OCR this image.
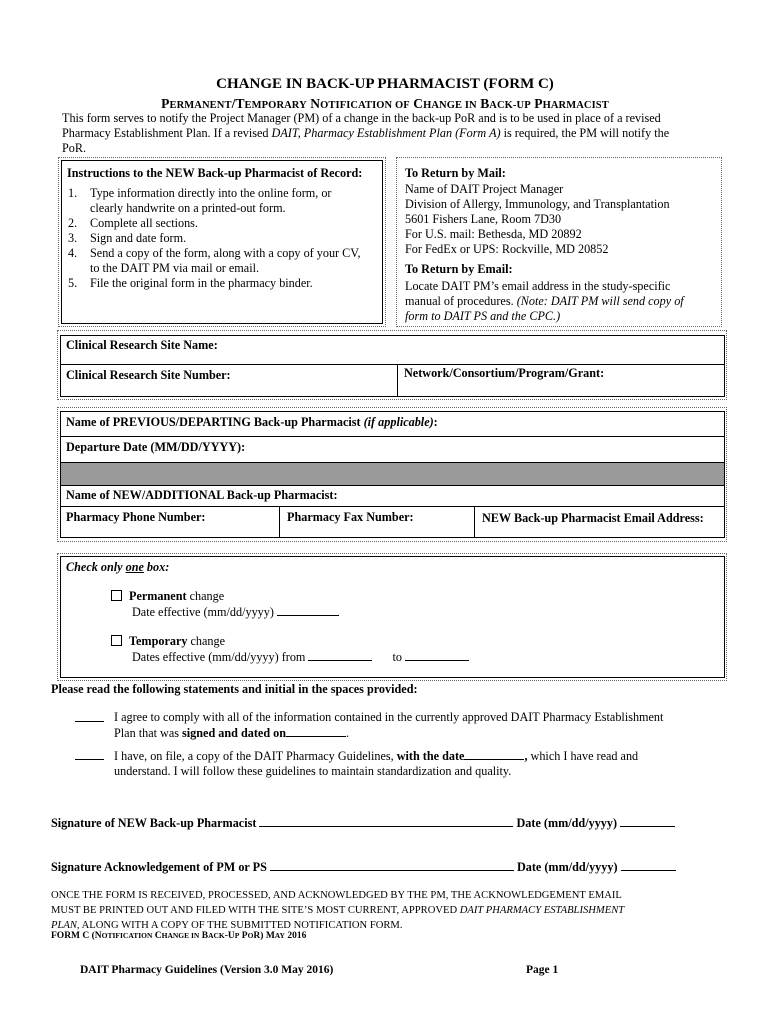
CHANGE IN BACK-UP PHARMACIST (FORM C)
PERMANENT/TEMPORARY NOTIFICATION OF CHANGE IN BACK-UP PHARMACIST
This form serves to notify the Project Manager (PM) of a change in the back-up PoR and is to be used in place of a revised
Pharmacy Establishment Plan. If a revised DAIT, Pharmacy Establishment Plan (Form A) is required, the PM will notify the
PoR.
Instructions to the NEW Back-up Pharmacist of Record:
1. Type information directly into the online form, or
clearly handwrite on a printed-out form.
2. Complete all sections.
3. Sign and date form.
4. Send a copy of the form, along with a copy of your CV,
to the DAIT PM via mail or email.
5. File the original form in the pharmacy binder.
To Return by Mail:
Name of DAIT Project Manager
Division of Allergy, Immunology, and Transplantation
5601 Fishers Lane, Room 7D30
For U.S. mail: Bethesda, MD 20892
For FedEx or UPS: Rockville, MD 20852
To Return by Email:
Locate DAIT PM’s email address in the study-specific
manual of procedures. (Note: DAIT PM will send copy of
form to DAIT PS and the CPC.)
Clinical Research Site Name:
Clinical Research Site Number:	Network/Consortium/Program/Grant:
Name of PREVIOUS/DEPARTING Back-up Pharmacist (if applicable):
Departure Date (MM/DD/YYYY):
Name of NEW/ADDITIONAL Back-up Pharmacist:
Pharmacy Phone Number:	Pharmacy Fax Number:	NEW Back-up Pharmacist Email Address:
Check only one box:
Permanent change
Date effective (mm/dd/yyyy)
Temporary change
Dates effective (mm/dd/yyyy) from	to
Please read the following statements and initial in the spaces provided:
I agree to comply with all of the information contained in the currently approved DAIT Pharmacy Establishment
Plan that was signed and dated on	.
I have, on file, a copy of the DAIT Pharmacy Guidelines, with the date	, which I have read and
understand. I will follow these guidelines to maintain standardization and quality.
Signature of NEW Back-up Pharmacist	Date (mm/dd/yyyy)
Signature Acknowledgement of PM or PS	Date (mm/dd/yyyy)
ONCE THE FORM IS RECEIVED, PROCESSED, AND ACKNOWLEDGED BY THE PM, THE ACKNOWLEDGEMENT EMAIL
MUST BE PRINTED OUT AND FILED WITH THE SITE’S MOST CURRENT, APPROVED DAIT PHARMACY ESTABLISHMENT
PLAN, ALONG WITH A COPY OF THE SUBMITTED NOTIFICATION FORM.
FORM C (NOTIFICATION CHANGE IN BACK-UP POR) MAY 2016
DAIT Pharmacy Guidelines (Version 3.0 May 2016)	Page 1
